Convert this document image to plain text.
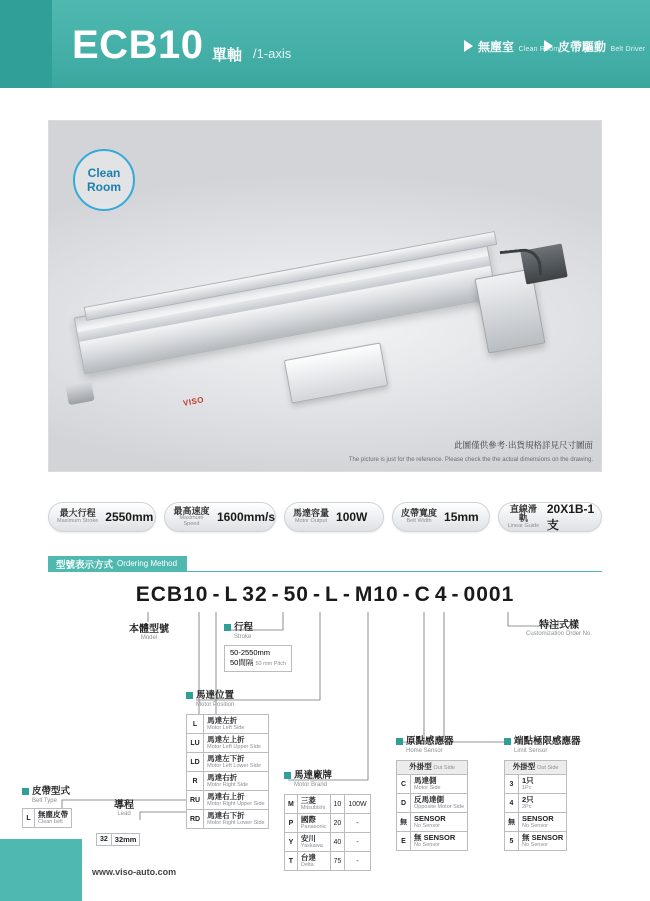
ECB10 單軸 /1-axis	無塵室 Clean Room
皮帶驅動 Belt Driver
Clean
Room
VISO
此圖僅供參考·出貨規格詳見尺寸圖面
The picture is just for the reference. Please check the the actual dimensions on the drawing.
最大行程
Maximum Stroke 2550mm 最高速度
Maximum Speed	1600mm/s 馬達容量
Motor Output 100W	皮帶寬度
Belt Width	15mm
直線滑軌
Linear Guide
20X1B-1支
型號表示方式 Ordering Method
ECB10 - L 32 - 50 - L - M10 - C 4 - 0001
本體型號
Model
特注式樣
Customization Order No.
行程
Stroke
50-2550mm
50間隔 50 mm Pitch
皮帶型式
Belt Type
L	無塵皮帶
Clean belt
導程
Lead
32	32mm
馬達位置
Motor Position
L	馬達左折
Motor Left Side

LU	馬達左上折
Motor Left Upper Side

LD	馬達左下折
Motor Left Lower Side

R	馬達右折
Motor Right Side

RU	馬達右上折
Motor Right Upper Side

RD	馬達右下折
Motor Right Lower Side
馬達廠牌
Motor Brand
M	三菱
Mitsubishi	10	100W
P	國際
Panasonic	20	-
Y	安川
Yaskawa	40	-
T	台達
Delta	75	-
原點感應器
Home Sensor
外掛型 Out Side	
C	馬達側
Motor Side

D	反馬達側
Opposite Motor Side

無	SENSOR
No Sensor

E	無 SENSOR
No Sensor
端點極限感應器
Limit Sensor
外掛型 Out Side	
3	1只
1Pc

4	2只
2Pc

無	SENSOR
No Sensor

5	無 SENSOR
No Sensor
www.viso-auto.com
